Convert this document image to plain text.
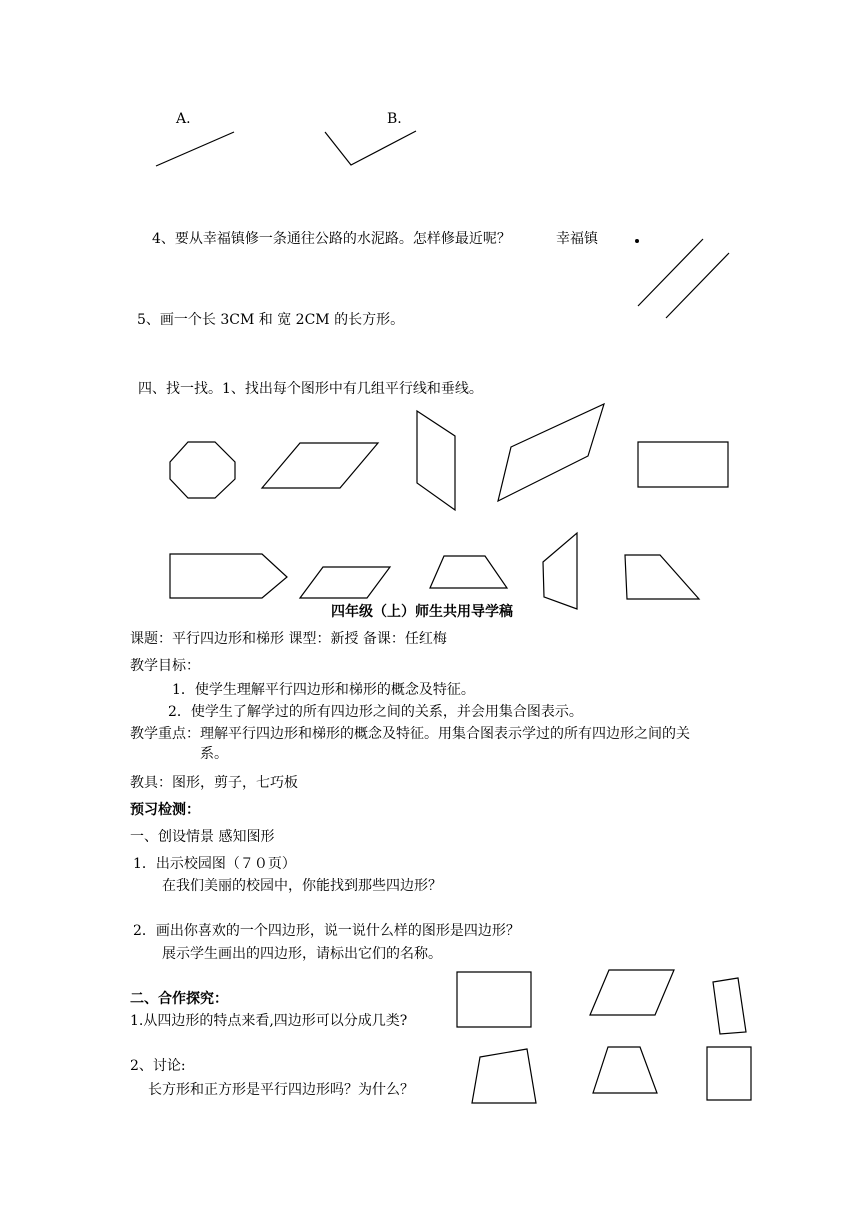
A.	B.
4、要从幸福镇修一条通往公路的水泥路。怎样修最近呢？	幸福镇
5、画一个长 3CM 和 宽 2CM 的长方形。
四、找一找。1、找出每个图形中有几组平行线和垂线。
四年级（上）师生共用导学稿
课题：平行四边形和梯形 课型：新授 备课：任红梅
教学目标：
1．使学生理解平行四边形和梯形的概念及特征。
2．使学生了解学过的所有四边形之间的关系，并会用集合图表示。
教学重点：理解平行四边形和梯形的概念及特征。用集合图表示学过的所有四边形之间的关
系。
教具：图形，剪子，七巧板
预习检测：
一、创设情景 感知图形
1．出示校园图（７０页）
在我们美丽的校园中，你能找到那些四边形？
2．画出你喜欢的一个四边形，说一说什么样的图形是四边形？
展示学生画出的四边形，请标出它们的名称。
二、合作探究：
1.从四边形的特点来看,四边形可以分成几类?
2、讨论:
长方形和正方形是平行四边形吗？为什么？
